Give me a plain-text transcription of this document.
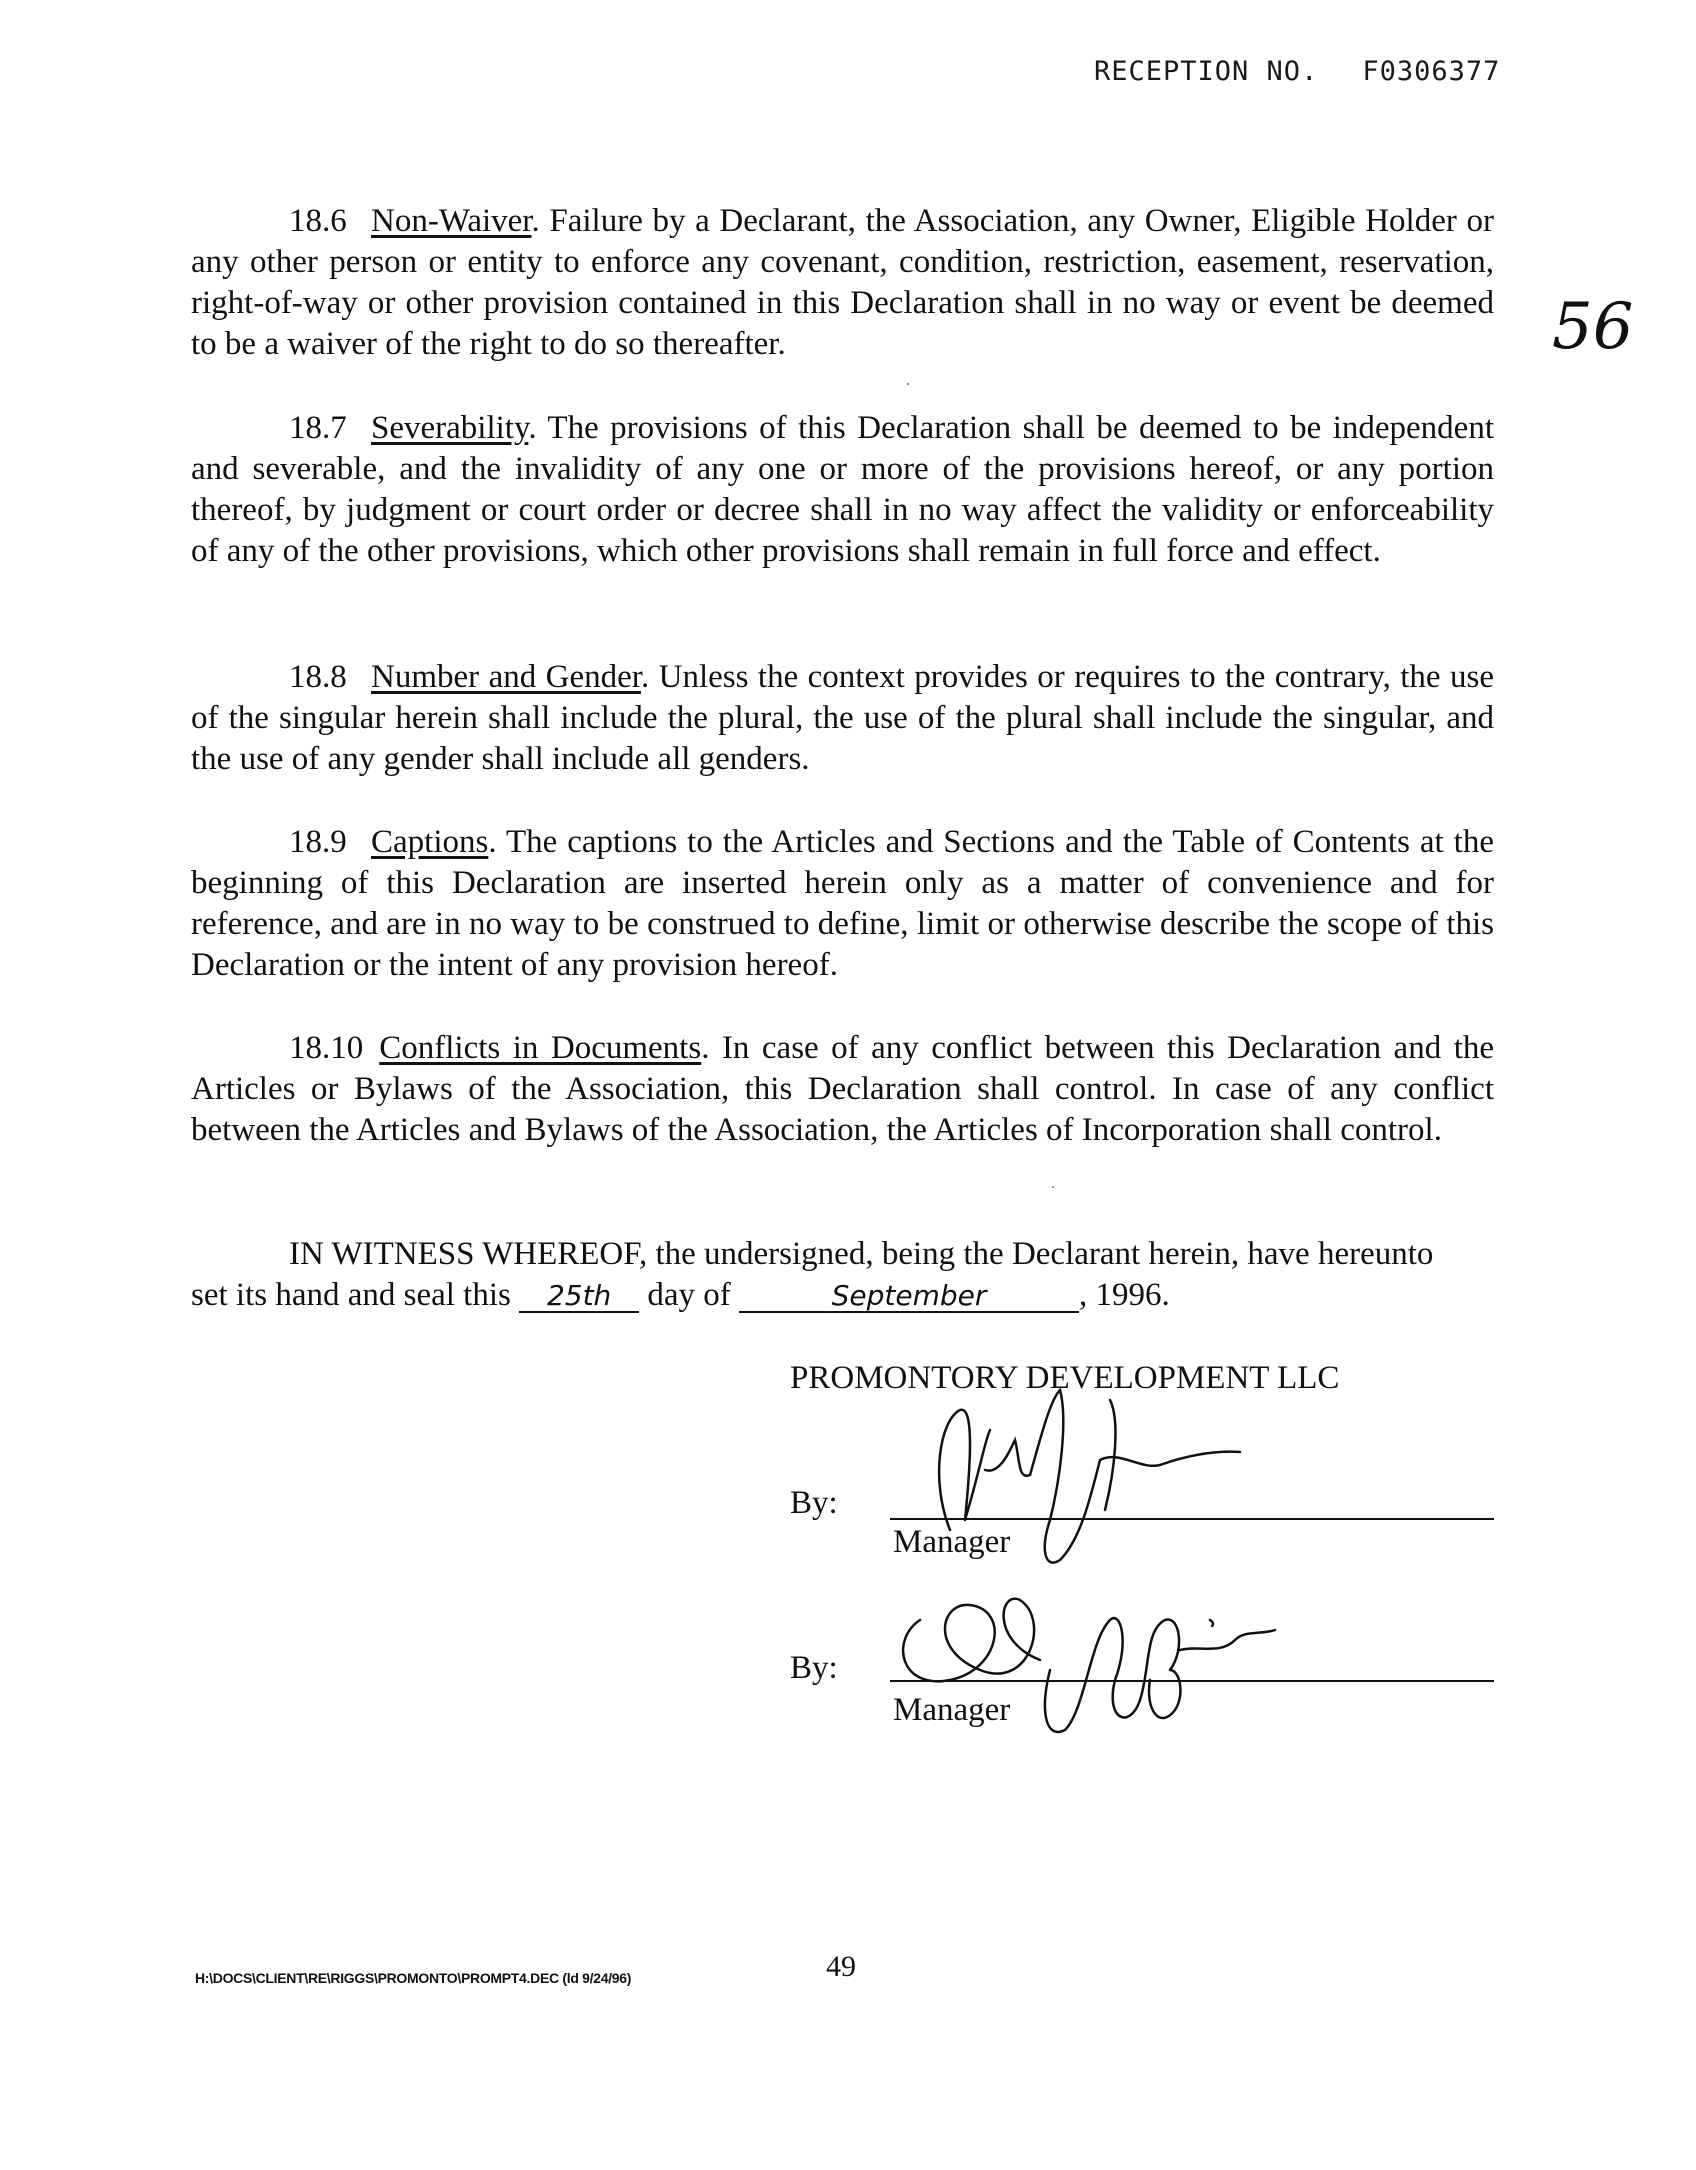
RECEPTION NO. F0306377
56

18.6 Non-Waiver. Failure by a Declarant, the Association, any Owner, Eligible Holder or any other person or entity to enforce any covenant, condition, restriction, easement, reservation, right-of-way or other provision contained in this Declaration shall in no way or event be deemed to be a waiver of the right to do so thereafter.

18.7 Severability. The provisions of this Declaration shall be deemed to be independent and severable, and the invalidity of any one or more of the provisions hereof, or any portion thereof, by judgment or court order or decree shall in no way affect the validity or enforceability of any of the other provisions, which other provisions shall remain in full force and effect.

18.8 Number and Gender. Unless the context provides or requires to the contrary, the use of the singular herein shall include the plural, the use of the plural shall include the singular, and the use of any gender shall include all genders.

18.9 Captions. The captions to the Articles and Sections and the Table of Contents at the beginning of this Declaration are inserted herein only as a matter of convenience and for reference, and are in no way to be construed to define, limit or otherwise describe the scope of this Declaration or the intent of any provision hereof.

18.10 Conflicts in Documents. In case of any conflict between this Declaration and the Articles or Bylaws of the Association, this Declaration shall control. In case of any conflict between the Articles and Bylaws of the Association, the Articles of Incorporation shall control.

IN WITNESS WHEREOF, the undersigned, being the Declarant herein, have hereunto
set its hand and seal this 25th day of	September	, 1996.
PROMONTORY DEVELOPMENT LLC
By:
Manager
By:
Manager
H:\DOCS\CLIENT\RE\RIGGS\PROMONTO\PROMPT4.DEC (ld 9/24/96)	49
